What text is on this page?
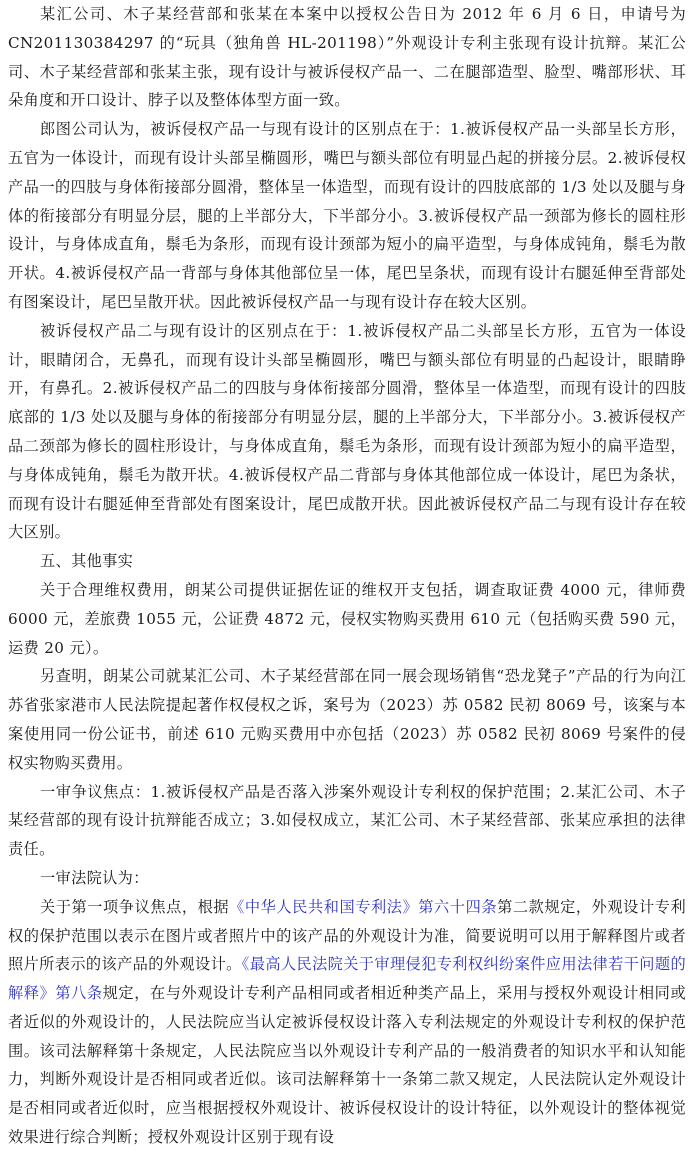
某汇公司、木子某经营部和张某在本案中以授权公告日为 2012 年 6 月 6 日，申请号为 CN201130384297 的“玩具（独角兽 HL-201198）”外观设计专利主张现有设计抗辩。某汇公司、木子某经营部和张某主张，现有设计与被诉侵权产品一、二在腿部造型、脸型、嘴部形状、耳朵角度和开口设计、脖子以及整体体型方面一致。

郎图公司认为，被诉侵权产品一与现有设计的区别点在于：1.被诉侵权产品一头部呈长方形，五官为一体设计，而现有设计头部呈椭圆形，嘴巴与额头部位有明显凸起的拼接分层。2.被诉侵权产品一的四肢与身体衔接部分圆滑，整体呈一体造型，而现有设计的四肢底部的 1/3 处以及腿与身体的衔接部分有明显分层，腿的上半部分大，下半部分小。3.被诉侵权产品一颈部为修长的圆柱形设计，与身体成直角，鬃毛为条形，而现有设计颈部为短小的扁平造型，与身体成钝角，鬃毛为散开状。4.被诉侵权产品一背部与身体其他部位呈一体，尾巴呈条状，而现有设计右腿延伸至背部处有图案设计，尾巴呈散开状。因此被诉侵权产品一与现有设计存在较大区别。

被诉侵权产品二与现有设计的区别点在于：1.被诉侵权产品二头部呈长方形，五官为一体设计，眼睛闭合，无鼻孔，而现有设计头部呈椭圆形，嘴巴与额头部位有明显的凸起设计，眼睛睁开，有鼻孔。2.被诉侵权产品二的四肢与身体衔接部分圆滑，整体呈一体造型，而现有设计的四肢底部的 1/3 处以及腿与身体的衔接部分有明显分层，腿的上半部分大，下半部分小。3.被诉侵权产品二颈部为修长的圆柱形设计，与身体成直角，鬃毛为条形，而现有设计颈部为短小的扁平造型，与身体成钝角，鬃毛为散开状。4.被诉侵权产品二背部与身体其他部位成一体设计，尾巴为条状，而现有设计右腿延伸至背部处有图案设计，尾巴成散开状。因此被诉侵权产品二与现有设计存在较大区别。

五、其他事实

关于合理维权费用，朗某公司提供证据佐证的维权开支包括，调查取证费 4000 元，律师费 6000 元，差旅费 1055 元，公证费 4872 元，侵权实物购买费用 610 元（包括购买费 590 元，运费 20 元）。

另查明，朗某公司就某汇公司、木子某经营部在同一展会现场销售“恐龙凳子”产品的行为向江苏省张家港市人民法院提起著作权侵权之诉，案号为（2023）苏 0582 民初 8069 号，该案与本案使用同一份公证书，前述 610 元购买费用中亦包括（2023）苏 0582 民初 8069 号案件的侵权实物购买费用。

一审争议焦点：1.被诉侵权产品是否落入涉案外观设计专利权的保护范围；2.某汇公司、木子某经营部的现有设计抗辩能否成立；3.如侵权成立，某汇公司、木子某经营部、张某应承担的法律责任。

一审法院认为：

关于第一项争议焦点，根据《中华人民共和国专利法》第六十四条第二款规定，外观设计专利权的保护范围以表示在图片或者照片中的该产品的外观设计为准，简要说明可以用于解释图片或者照片所表示的该产品的外观设计。《最高人民法院关于审理侵犯专利权纠纷案件应用法律若干问题的解释》第八条规定，在与外观设计专利产品相同或者相近种类产品上，采用与授权外观设计相同或者近似的外观设计的，人民法院应当认定被诉侵权设计落入专利法规定的外观设计专利权的保护范围。该司法解释第十条规定，人民法院应当以外观设计专利产品的一般消费者的知识水平和认知能力，判断外观设计是否相同或者近似。该司法解释第十一条第二款又规定，人民法院认定外观设计是否相同或者近似时，应当根据授权外观设计、被诉侵权设计的设计特征，以外观设计的整体视觉效果进行综合判断；授权外观设计区别于现有设
